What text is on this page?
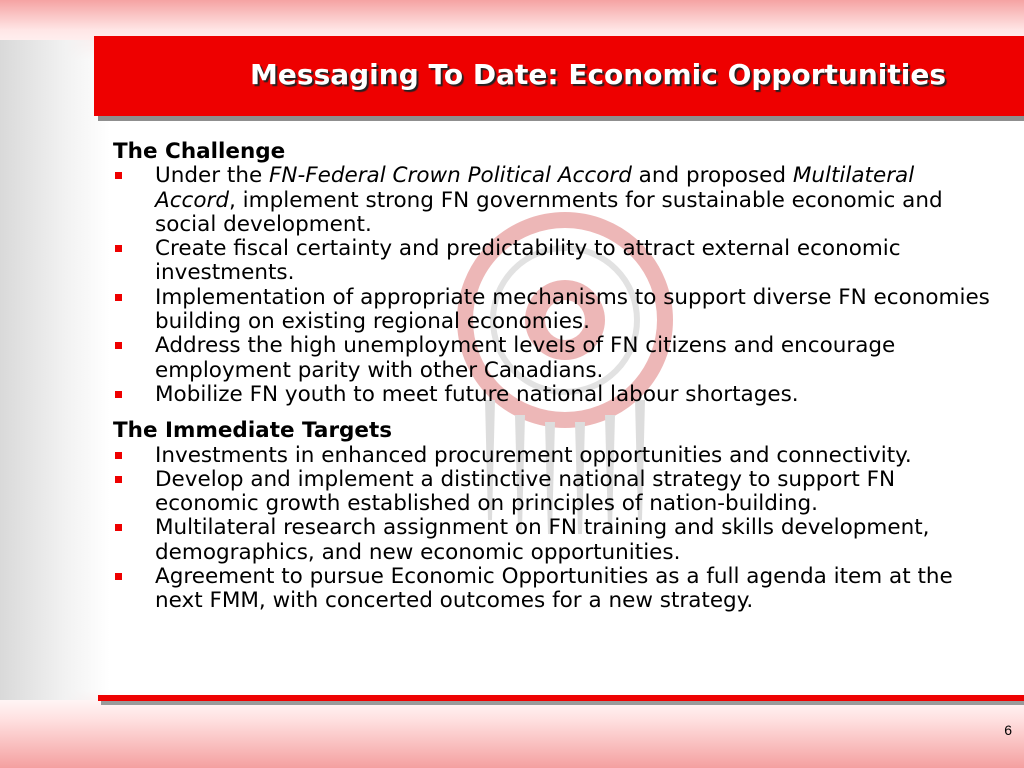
Messaging To Date: Economic Opportunities
The Challenge
Under the FN-Federal Crown Political Accord and proposed Multilateral Accord, implement strong FN governments for sustainable economic and social development.
Create fiscal certainty and predictability to attract external economic investments.
Implementation of appropriate mechanisms to support diverse FN economies building on existing regional economies.
Address the high unemployment levels of FN citizens and encourage employment parity with other Canadians.
Mobilize FN youth to meet future national labour shortages.
The Immediate Targets
Investments in enhanced procurement opportunities and connectivity.
Develop and implement a distinctive national strategy to support FN economic growth established on principles of nation-building.
Multilateral research assignment on FN training and skills development, demographics, and new economic opportunities.
Agreement to pursue Economic Opportunities as a full agenda item at the next FMM, with concerted outcomes for a new strategy.
6
